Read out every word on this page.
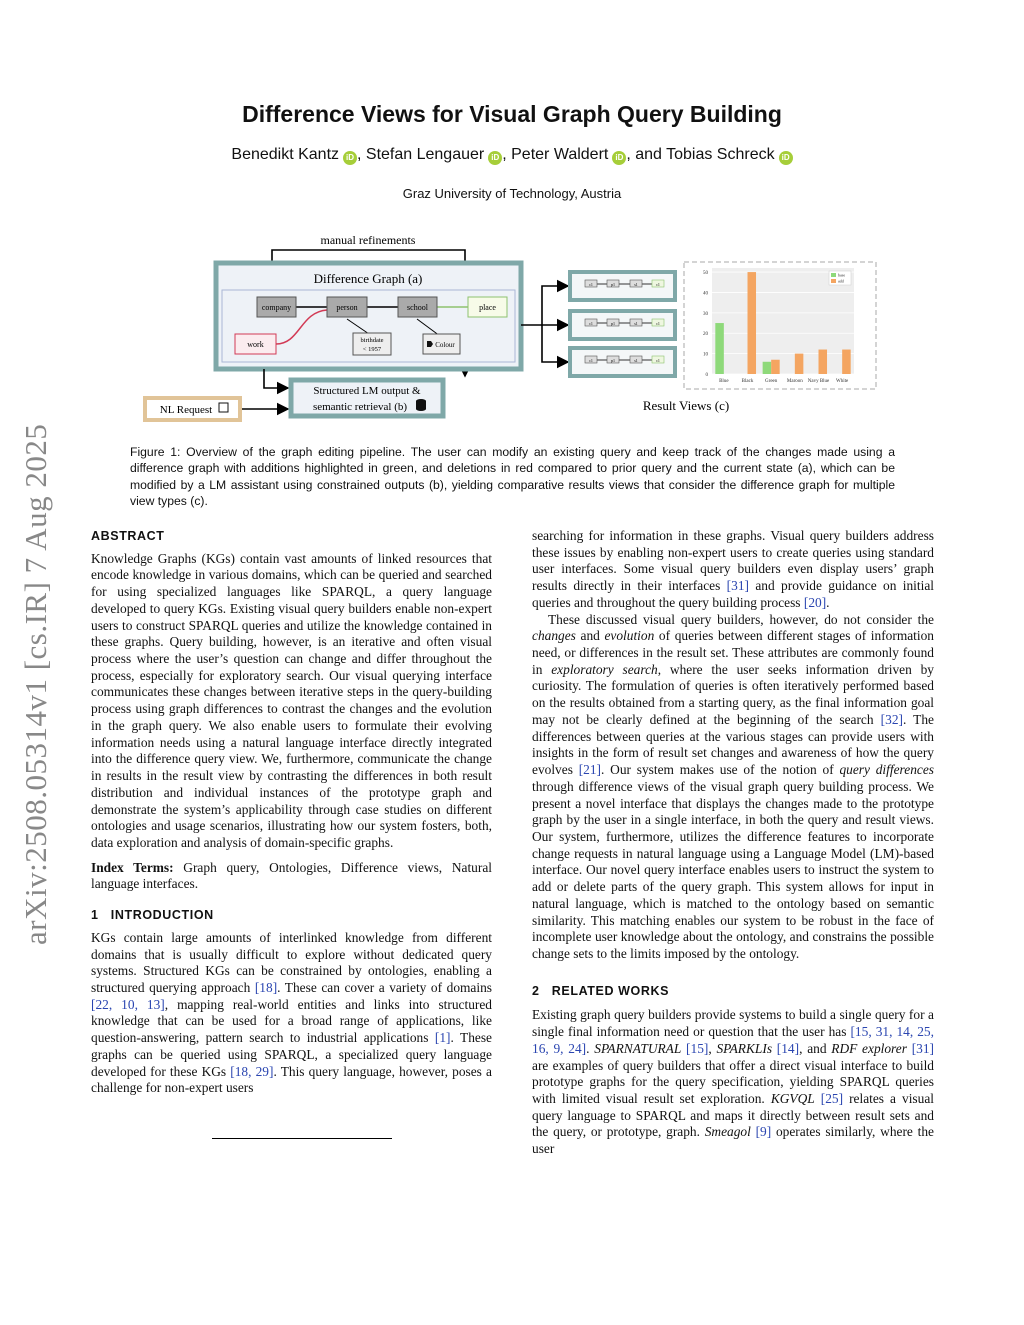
arXiv:2508.05314v1 [cs.IR] 7 Aug 2025
Difference Views for Visual Graph Query Building
Benedikt Kantz iD , Stefan Lengauer iD , Peter Waldert iD , and Tobias Schreck iD
Graz University of Technology, Austria
manual refinements
Difference Graph (a)
company	person	school	place
work	birthdate
< 1957
Colour
NL Request
Structured LM output &
semantic retrieval (b)
c1	p1	s1	c1
c1	p1	s1	c1
c1	p1	s1	c1
0
10
20
30
40
50
Blue	Black Green Maroon Navy Blue White
base
add
Result Views (c)
Figure 1: Overview of the graph editing pipeline. The user can modify an existing query and keep track of the changes made using a difference graph with additions highlighted in green, and deletions in red compared to prior query and the current state (a), which can be modified by a LM assistant using constrained outputs (b), yielding comparative results views that consider the difference graph for multiple view types (c).

ABSTRACT

Knowledge Graphs (KGs) contain vast amounts of linked resources that encode knowledge in various domains, which can be queried and searched for using specialized languages like SPARQL, a query language developed to query KGs. Existing visual query builders enable non-expert users to construct SPARQL queries and utilize the knowledge contained in these graphs. Query building, however, is an iterative and often visual process where the user’s question can change and differ throughout the process, especially for exploratory search. Our visual querying interface communicates these changes between iterative steps in the query-building process using graph differences to contrast the changes and the evolution in the graph query. We also enable users to formulate their evolving information needs using a natural language interface directly integrated into the difference query view. We, furthermore, communicate the change in results in the result view by contrasting the differences in both result distribution and individual instances of the prototype graph and demonstrate the system’s applicability through case studies on different ontologies and usage scenarios, illustrating how our system fosters, both, data exploration and analysis of domain-specific graphs.

Index Terms: Graph query, Ontologies, Difference views, Natural language interfaces.

1 INTRODUCTION

KGs contain large amounts of interlinked knowledge from different domains that is usually difficult to explore without dedicated query systems. Structured KGs can be constrained by ontologies, enabling a structured querying approach [18]. These can cover a variety of domains [22, 10, 13], mapping real-world entities and links into structured knowledge that can be used for a broad range of applications, like question-answering, pattern search to industrial applications [1]. These graphs can be queried using SPARQL, a specialized query language developed for these KGs [18, 29]. This query language, however, poses a challenge for non-expert users

searching for information in these graphs. Visual query builders address these issues by enabling non-expert users to create queries using standard user interfaces. Some visual query builders even display users’ graph results directly in their interfaces [31] and provide guidance on initial queries and throughout the query building process [20].

These discussed visual query builders, however, do not consider the changes and evolution of queries between different stages of information need, or differences in the result set. These attributes are commonly found in exploratory search, where the user seeks information driven by curiosity. The formulation of queries is often iteratively performed based on the results obtained from a starting query, as the final information goal may not be clearly defined at the beginning of the search [32]. The differences between queries at the various stages can provide users with insights in the form of result set changes and awareness of how the query evolves [21]. Our system makes use of the notion of query differences through difference views of the visual graph query building process. We present a novel interface that displays the changes made to the prototype graph by the user in a single interface, in both the query and result views. Our system, furthermore, utilizes the difference features to incorporate change requests in natural language using a Language Model (LM)-based interface. Our novel query interface enables users to instruct the system to add or delete parts of the query graph. This system allows for input in natural language, which is matched to the ontology based on semantic similarity. This matching enables our system to be robust in the face of incomplete user knowledge about the ontology, and constrains the possible change sets to the limits imposed by the ontology.

2 RELATED WORKS

Existing graph query builders provide systems to build a single query for a single final information need or question that the user has [15, 31, 14, 25, 16, 9, 24]. SPARNATURAL [15], SPARKLIs [14], and RDF explorer [31] are examples of query builders that offer a direct visual interface to build prototype graphs for the query specification, yielding SPARQL queries with limited visual result set exploration. KGVQL [25] relates a visual query language to SPARQL and maps it directly between result sets and the query, or prototype, graph. Smeagol [9] operates similarly, where the user
